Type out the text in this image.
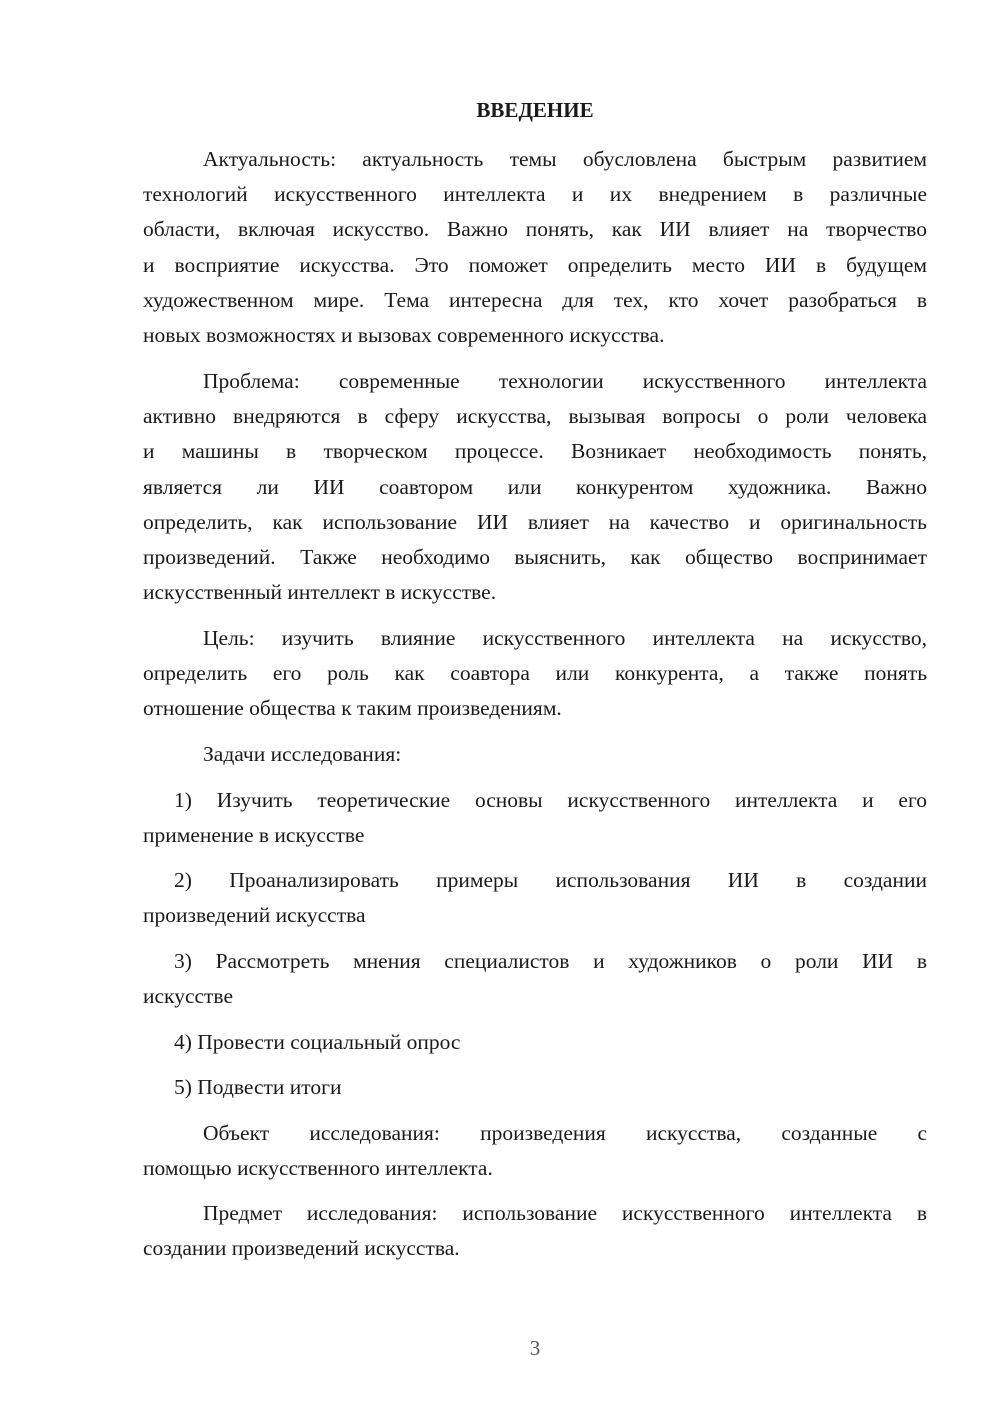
ВВЕДЕНИЕ
Актуальность: актуальность темы обусловлена быстрым развитием
технологий искусственного интеллекта и их внедрением в различные
области, включая искусство. Важно понять, как ИИ влияет на творчество
и восприятие искусства. Это поможет определить место ИИ в будущем
художественном мире. Тема интересна для тех, кто хочет разобраться в
новых возможностях и вызовах современного искусства.
Проблема: современные технологии искусственного интеллекта
активно внедряются в сферу искусства, вызывая вопросы о роли человека
и машины в творческом процессе. Возникает необходимость понять,
является ли ИИ соавтором или конкурентом художника. Важно
определить, как использование ИИ влияет на качество и оригинальность
произведений. Также необходимо выяснить, как общество воспринимает
искусственный интеллект в искусстве.
Цель: изучить влияние искусственного интеллекта на искусство,
определить его роль как соавтора или конкурента, а также понять
отношение общества к таким произведениям.
Задачи исследования:
1) Изучить теоретические основы искусственного интеллекта и его
применение в искусстве
2) Проанализировать примеры использования ИИ в создании
произведений искусства
3) Рассмотреть мнения специалистов и художников о роли ИИ в
искусстве
4) Провести социальный опрос
5) Подвести итоги
Объект исследования: произведения искусства, созданные с
помощью искусственного интеллекта.
Предмет исследования: использование искусственного интеллекта в
создании произведений искусства.
3
